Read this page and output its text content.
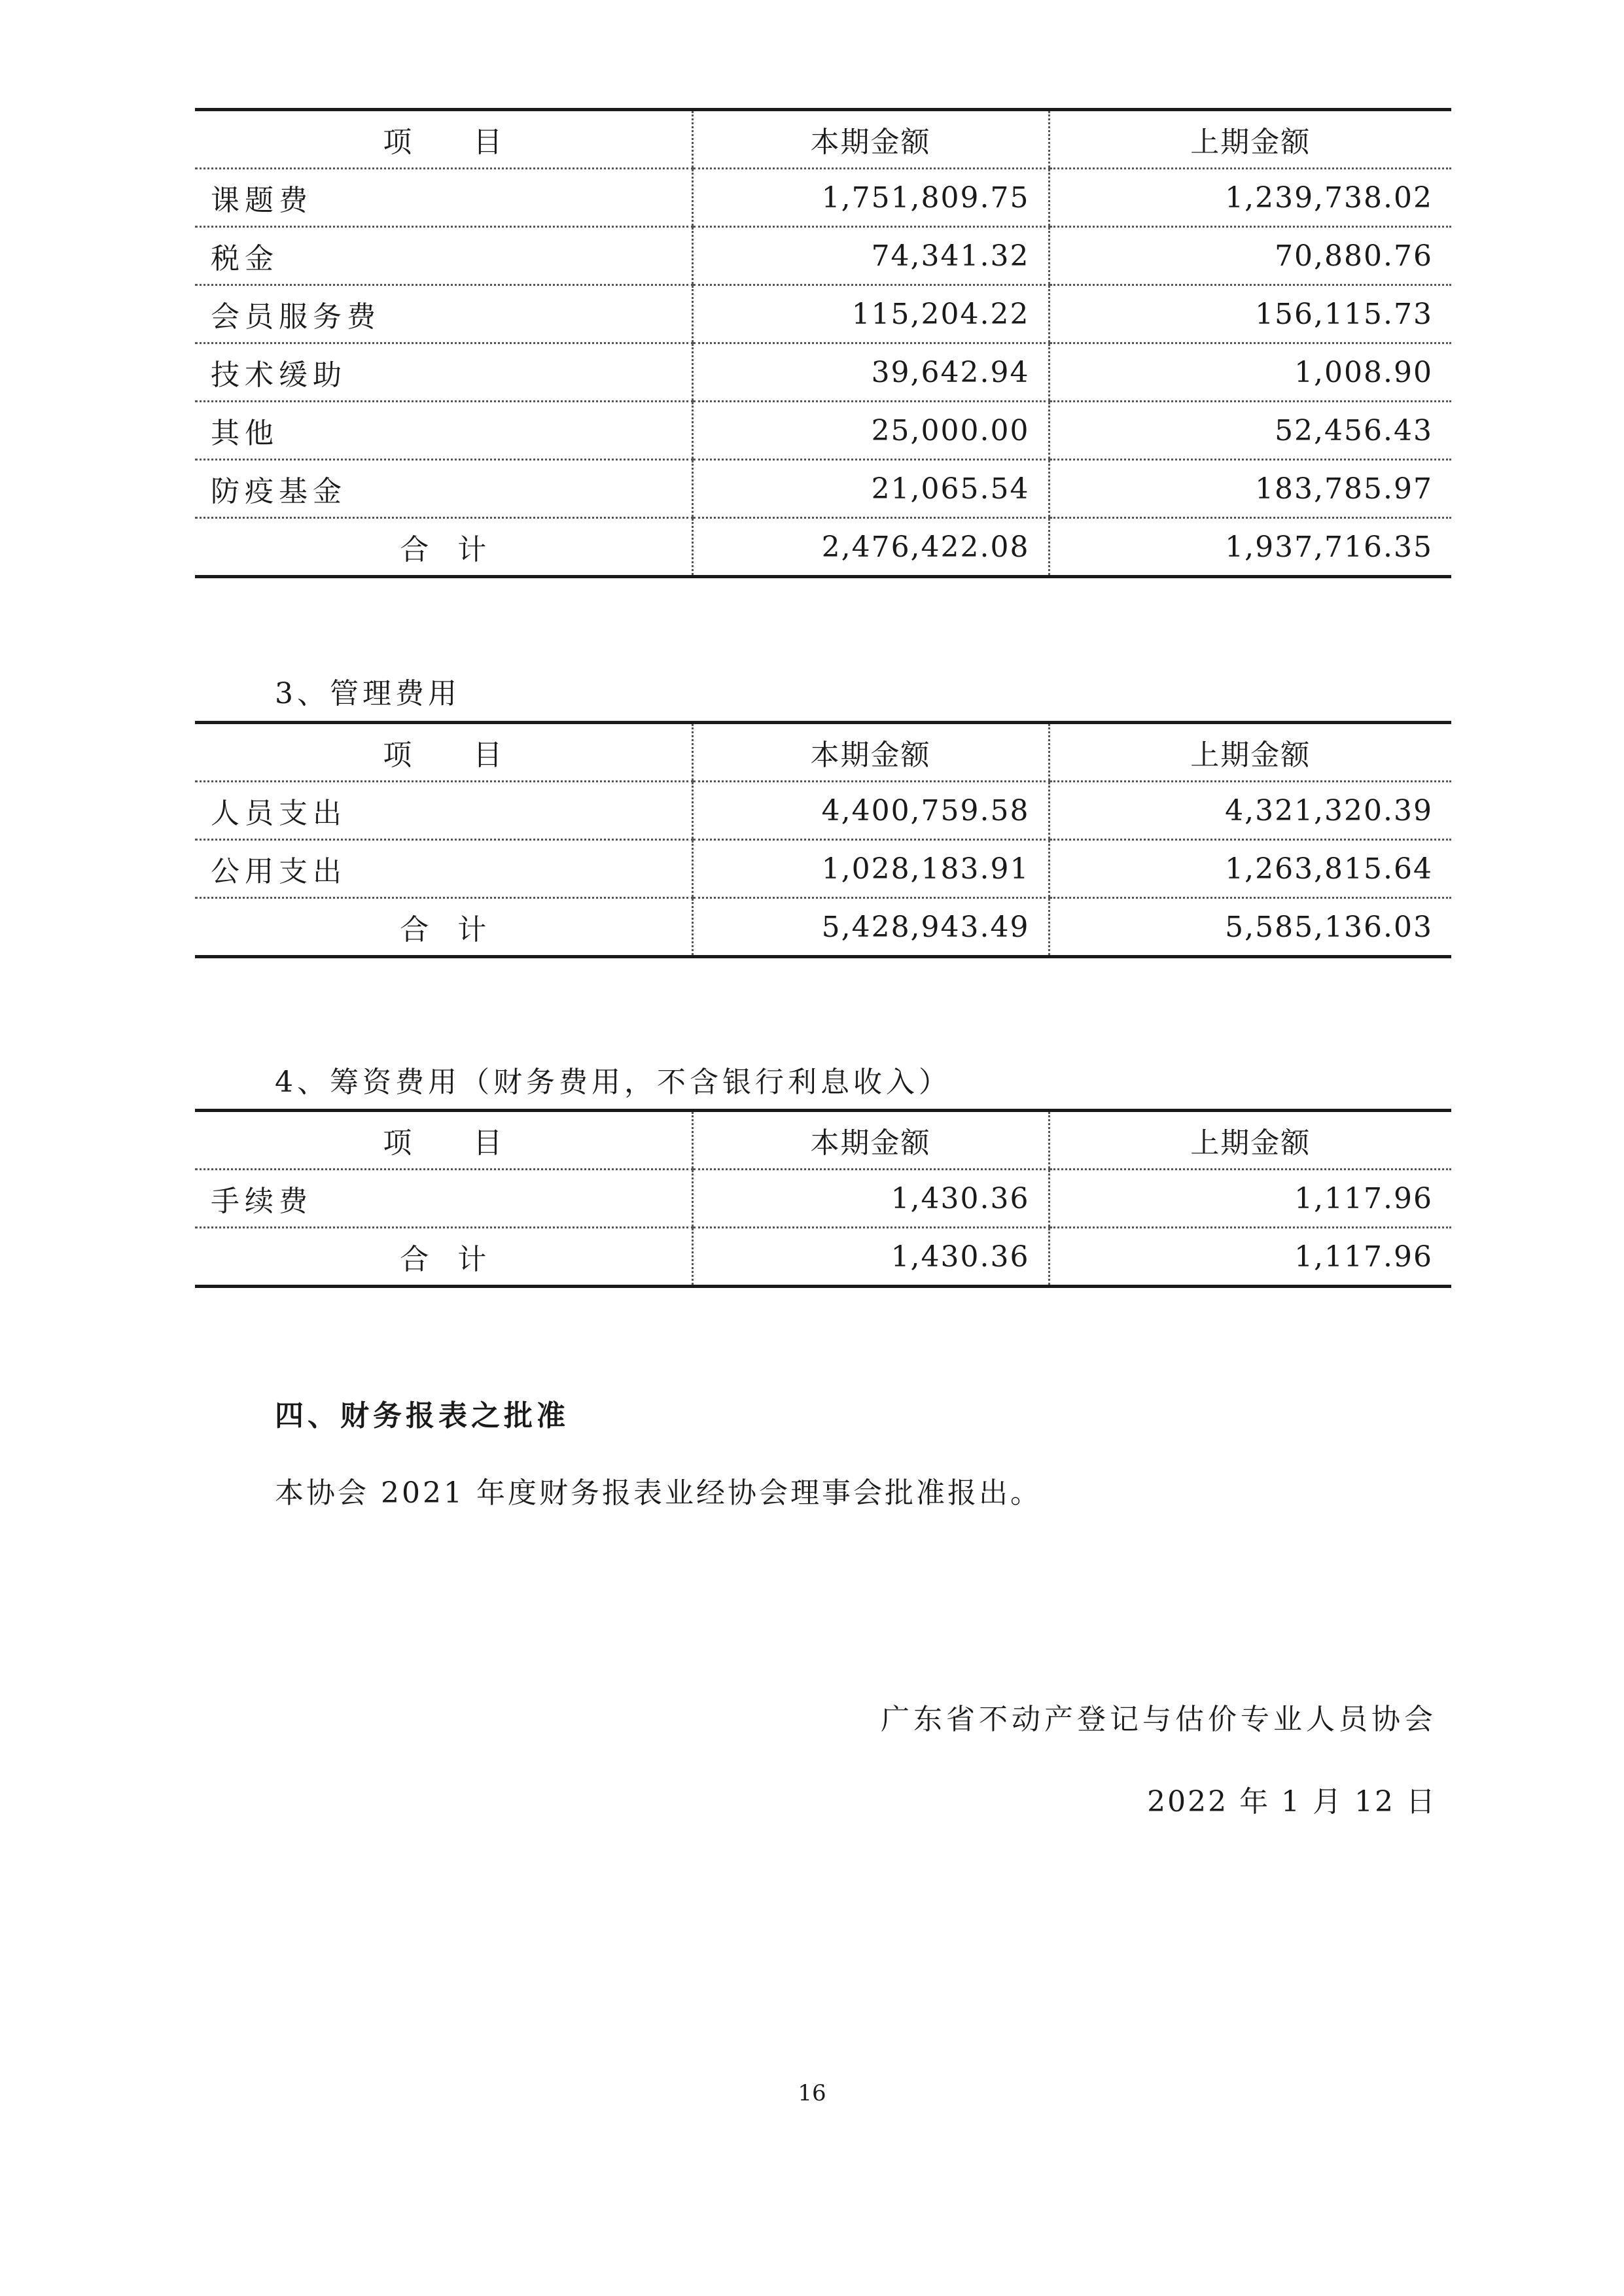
项　　目	本期金额	上期金额
课题费	1,751,809.75	1,239,738.02
税金	74,341.32	70,880.76
会员服务费	115,204.22	156,115.73
技术缓助	39,642.94	1,008.90
其他	25,000.00	52,456.43
防疫基金	21,065.54	183,785.97
合　计	2,476,422.08	1,937,716.35
3、管理费用
项　　目	本期金额	上期金额
人员支出	4,400,759.58	4,321,320.39
公用支出	1,028,183.91	1,263,815.64
合　计	5,428,943.49	5,585,136.03
4、筹资费用（财务费用，不含银行利息收入）
项　　目	本期金额	上期金额
手续费	1,430.36	1,117.96
合　计	1,430.36	1,117.96
四、财务报表之批准
本协会 2021 年度财务报表业经协会理事会批准报出。
广东省不动产登记与估价专业人员协会
2022 年 1 月 12 日
16
